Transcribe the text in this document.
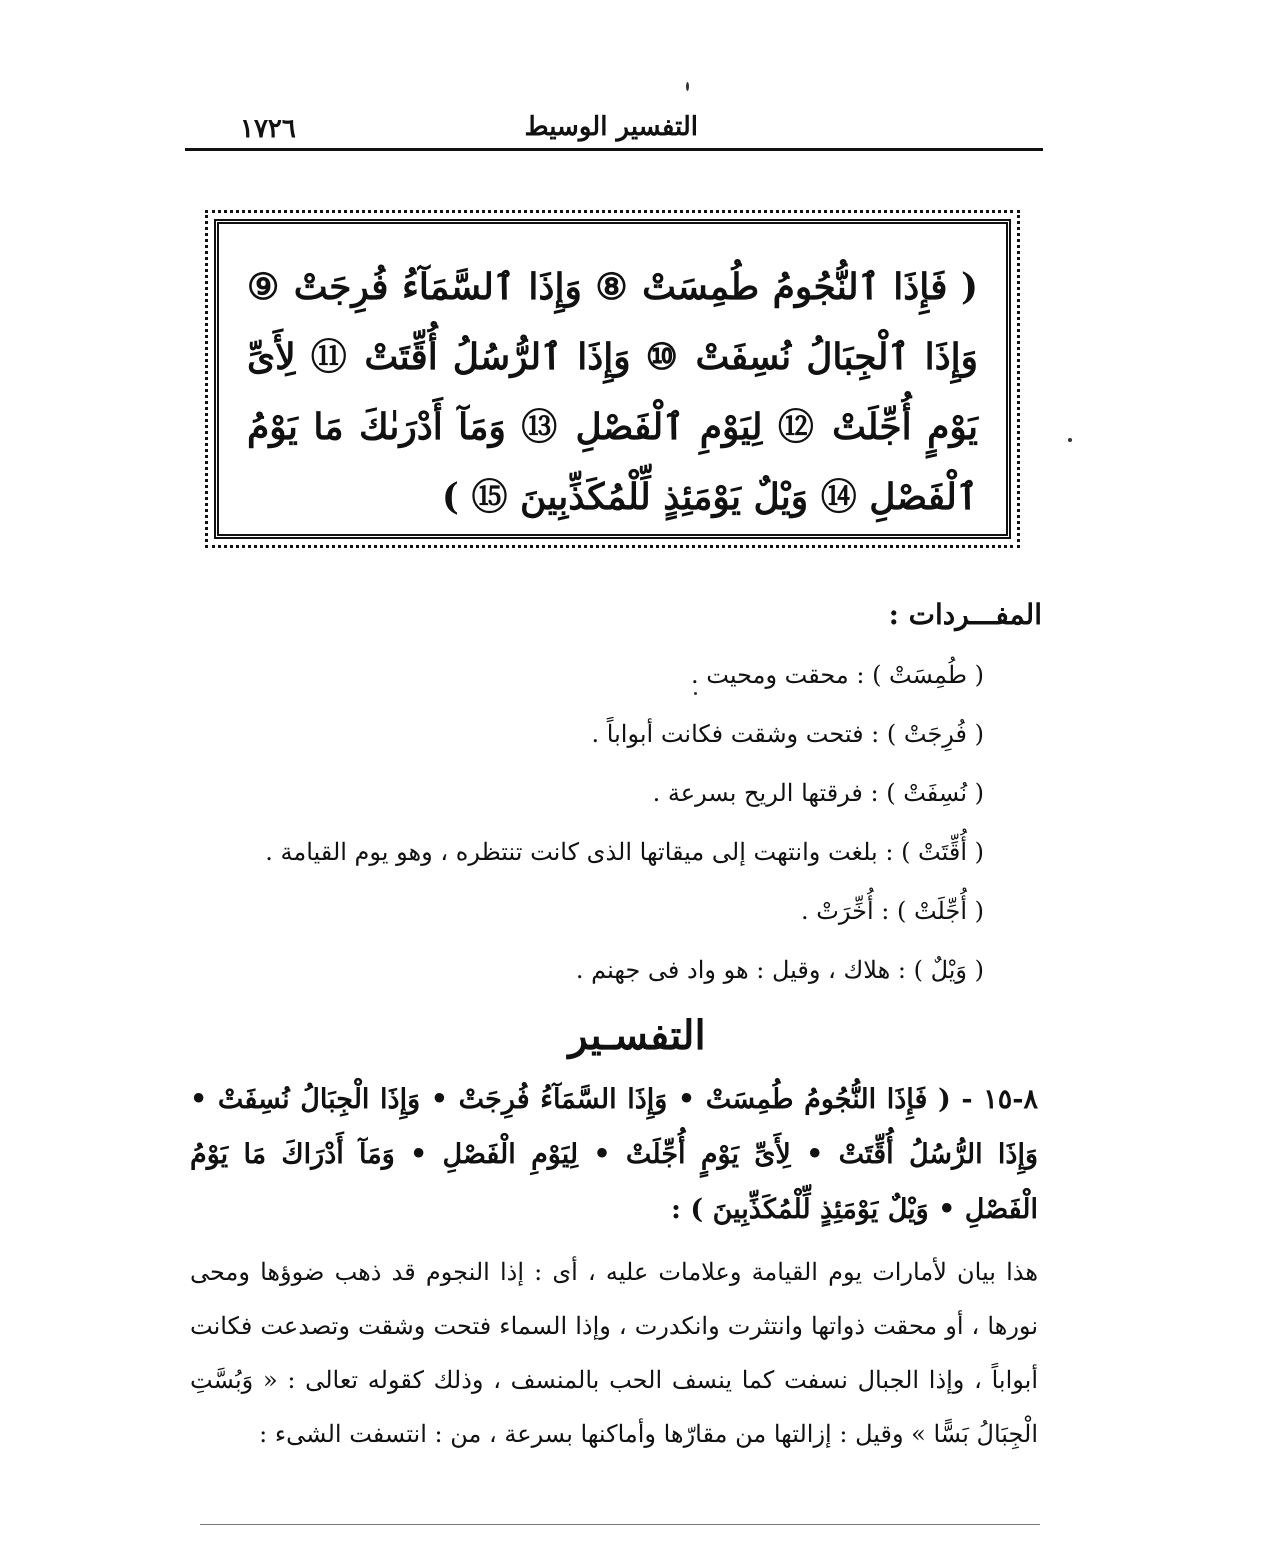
١٧٢٦	التفسير الوسيط

( فَإِذَا ٱلنُّجُومُ طُمِسَتْ ⑧ وَإِذَا ٱلسَّمَآءُ فُرِجَتْ ⑨ وَإِذَا ٱلْجِبَالُ نُسِفَتْ ⑩ وَإِذَا ٱلرُّسُلُ أُقِّتَتْ ⑪ لِأَىِّ يَوْمٍ أُجِّلَتْ ⑫ لِيَوْمِ ٱلْفَصْلِ ⑬ وَمَآ أَدْرَىٰكَ مَا يَوْمُ ٱلْفَصْلِ ⑭ وَيْلٌ يَوْمَئِذٍ لِّلْمُكَذِّبِينَ ⑮ )

المفـــردات :
( طُمِسَتْ ) : محقت ومحيت .
( فُرِجَتْ ) : فتحت وشقت فكانت أبواباً .
( نُسِفَتْ ) : فرقتها الريح بسرعة .
( أُقِّتَتْ ) : بلغت وانتهت إلى ميقاتها الذى كانت تنتظره ، وهو يوم القيامة .
( أُجِّلَتْ ) : أُخِّرَتْ .
( وَيْلٌ ) : هلاك ، وقيل : هو واد فى جهنم .
التفسـير

٨-١٥ - ( فَإِذَا النُّجُومُ طُمِسَتْ • وَإِذَا السَّمَآءُ فُرِجَتْ • وَإِذَا الْجِبَالُ نُسِفَتْ • وَإِذَا الرُّسُلُ أُقِّتَتْ • لِأَىِّ يَوْمٍ أُجِّلَتْ • لِيَوْمِ الْفَصْلِ • وَمَآ أَدْرَاكَ مَا يَوْمُ الْفَصْلِ • وَيْلٌ يَوْمَئِذٍ لِّلْمُكَذِّبِينَ ) :

هذا بيان لأمارات يوم القيامة وعلامات عليه ، أى : إذا النجوم قد ذهب ضوؤها ومحى نورها ، أو محقت ذواتها وانتثرت وانكدرت ، وإذا السماء فتحت وشقت وتصدعت فكانت أبواباً ، وإذا الجبال نسفت كما ينسف الحب بالمنسف ، وذلك كقوله تعالى : « وَبُسَّتِ الْجِبَالُ بَسًّا » وقيل : إزالتها من مقارّها وأماكنها بسرعة ، من : انتسفت الشىء :
